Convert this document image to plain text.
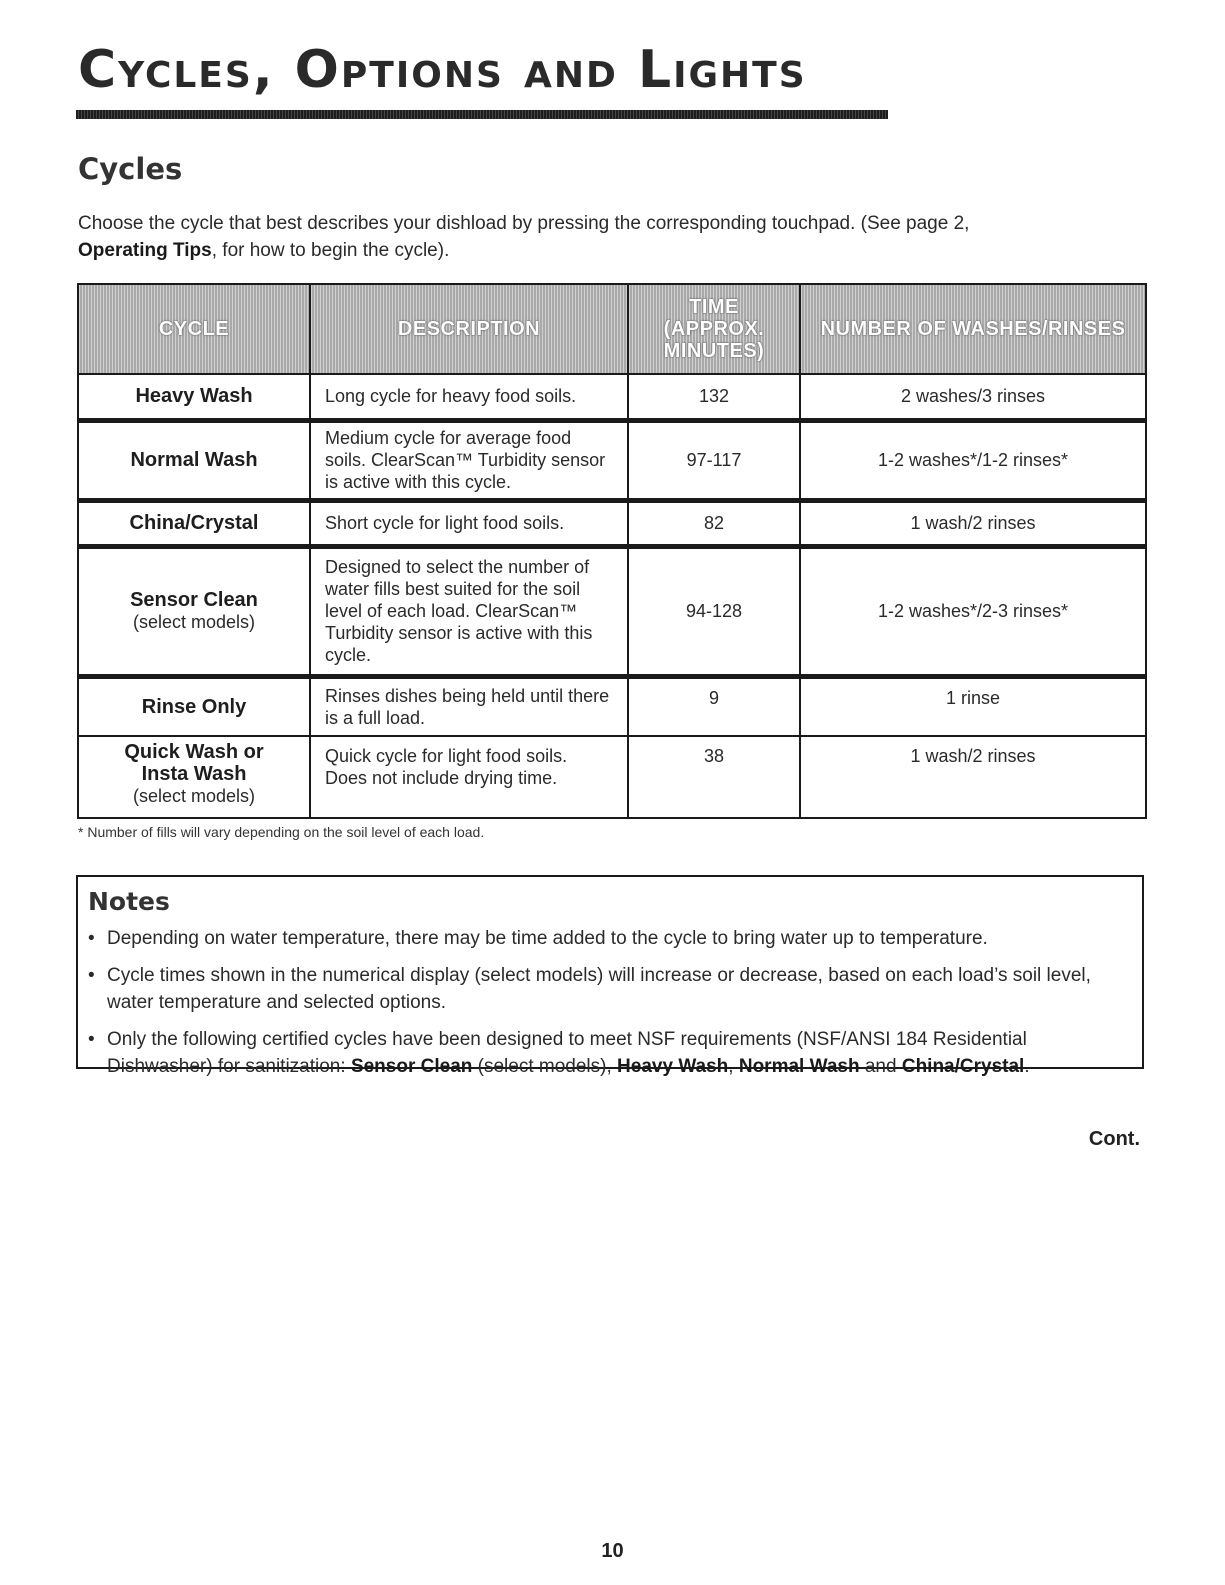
Cycles, Options and Lights
Cycles

Choose the cycle that best describes your dishload by pressing the corresponding touchpad. (See page 2,
Operating Tips, for how to begin the cycle).

CYCLE	DESCRIPTION	TIME (APPROX. MINUTES)	NUMBER OF WASHES/RINSES

Heavy Wash	Long cycle for heavy food soils.	132	2 washes/3 rinses

Normal Wash	Medium cycle for average food soils. ClearScan™ Turbidity sensor is active with this cycle.	97-117	1-2 washes*/1-2 rinses*

China/Crystal	Short cycle for light food soils.	82	1 wash/2 rinses

Sensor Clean
(select models)	Designed to select the number of water fills best suited for the soil level of each load. ClearScan™ Turbidity sensor is active with this cycle.	94-128	1-2 washes*/2-3 rinses*

Rinse Only	Rinses dishes being held until there is a full load.	9	1 rinse

Quick Wash or Insta Wash
(select models)	Quick cycle for light food soils. Does not include drying time.	38	1 wash/2 rinses

* Number of fills will vary depending on the soil level of each load.

Notes
• Depending on water temperature, there may be time added to the cycle to bring water up to temperature.
• Cycle times shown in the numerical display (select models) will increase or decrease, based on each load’s soil level, water temperature and selected options.
• Only the following certified cycles have been designed to meet NSF requirements (NSF/ANSI 184 Residential Dishwasher) for sanitization: Sensor Clean (select models), Heavy Wash, Normal Wash and China/Crystal.

Cont.

10
